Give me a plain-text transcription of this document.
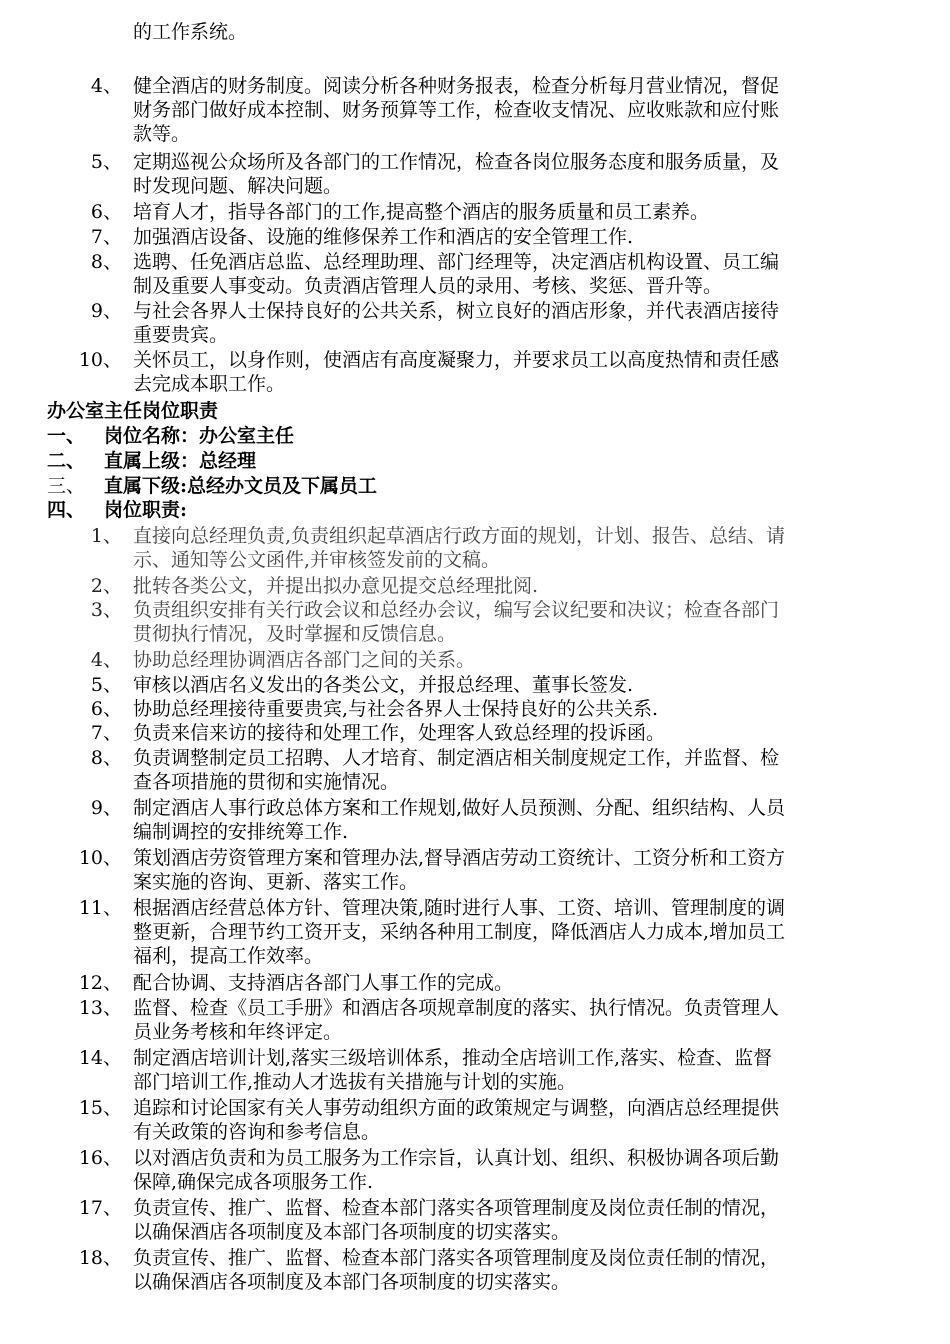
的工作系统。
4、 健全酒店的财务制度。阅读分析各种财务报表，检查分析每月营业情况，督促
财务部门做好成本控制、财务预算等工作，检查收支情况、应收账款和应付账
款等。
5、 定期巡视公众场所及各部门的工作情况，检查各岗位服务态度和服务质量，及
时发现问题、解决问题。
6、 培育人才，指导各部门的工作,提高整个酒店的服务质量和员工素养。
7、 加强酒店设备、设施的维修保养工作和酒店的安全管理工作.
8、 选聘、任免酒店总监、总经理助理、部门经理等，决定酒店机构设置、员工编
制及重要人事变动。负责酒店管理人员的录用、考核、奖惩、晋升等。
9、 与社会各界人士保持良好的公共关系，树立良好的酒店形象，并代表酒店接待
重要贵宾。
10、 关怀员工，以身作则，使酒店有高度凝聚力，并要求员工以高度热情和责任感
去完成本职工作。
办公室主任岗位职责
一、 岗位名称：办公室主任
二、 直属上级：总经理
三、 直属下级:总经办文员及下属员工
四、 岗位职责:
1、 直接向总经理负责,负责组织起草酒店行政方面的规划，计划、报告、总结、请
示、通知等公文函件,并审核签发前的文稿。
2、 批转各类公文，并提出拟办意见提交总经理批阅.
3、 负责组织安排有关行政会议和总经办会议，编写会议纪要和决议；检查各部门
贯彻执行情况，及时掌握和反馈信息。
4、 协助总经理协调酒店各部门之间的关系。
5、 审核以酒店名义发出的各类公文，并报总经理、董事长签发.
6、 协助总经理接待重要贵宾,与社会各界人士保持良好的公共关系.
7、 负责来信来访的接待和处理工作，处理客人致总经理的投诉函。
8、 负责调整制定员工招聘、人才培育、制定酒店相关制度规定工作，并监督、检
查各项措施的贯彻和实施情况。
9、 制定酒店人事行政总体方案和工作规划,做好人员预测、分配、组织结构、人员
编制调控的安排统筹工作.
10、 策划酒店劳资管理方案和管理办法,督导酒店劳动工资统计、工资分析和工资方
案实施的咨询、更新、落实工作。
11、 根据酒店经营总体方针、管理决策,随时进行人事、工资、培训、管理制度的调
整更新，合理节约工资开支，采纳各种用工制度，降低酒店人力成本,增加员工
福利，提高工作效率。
12、 配合协调、支持酒店各部门人事工作的完成。
13、 监督、检查《员工手册》和酒店各项规章制度的落实、执行情况。负责管理人
员业务考核和年终评定。
14、 制定酒店培训计划,落实三级培训体系，推动全店培训工作,落实、检查、监督
部门培训工作,推动人才选拔有关措施与计划的实施。
15、 追踪和讨论国家有关人事劳动组织方面的政策规定与调整，向酒店总经理提供
有关政策的咨询和参考信息。
16、 以对酒店负责和为员工服务为工作宗旨，认真计划、组织、积极协调各项后勤
保障,确保完成各项服务工作.
17、 负责宣传、推广、监督、检查本部门落实各项管理制度及岗位责任制的情况，
以确保酒店各项制度及本部门各项制度的切实落实。
18、 负责宣传、推广、监督、检查本部门落实各项管理制度及岗位责任制的情况，
以确保酒店各项制度及本部门各项制度的切实落实。
